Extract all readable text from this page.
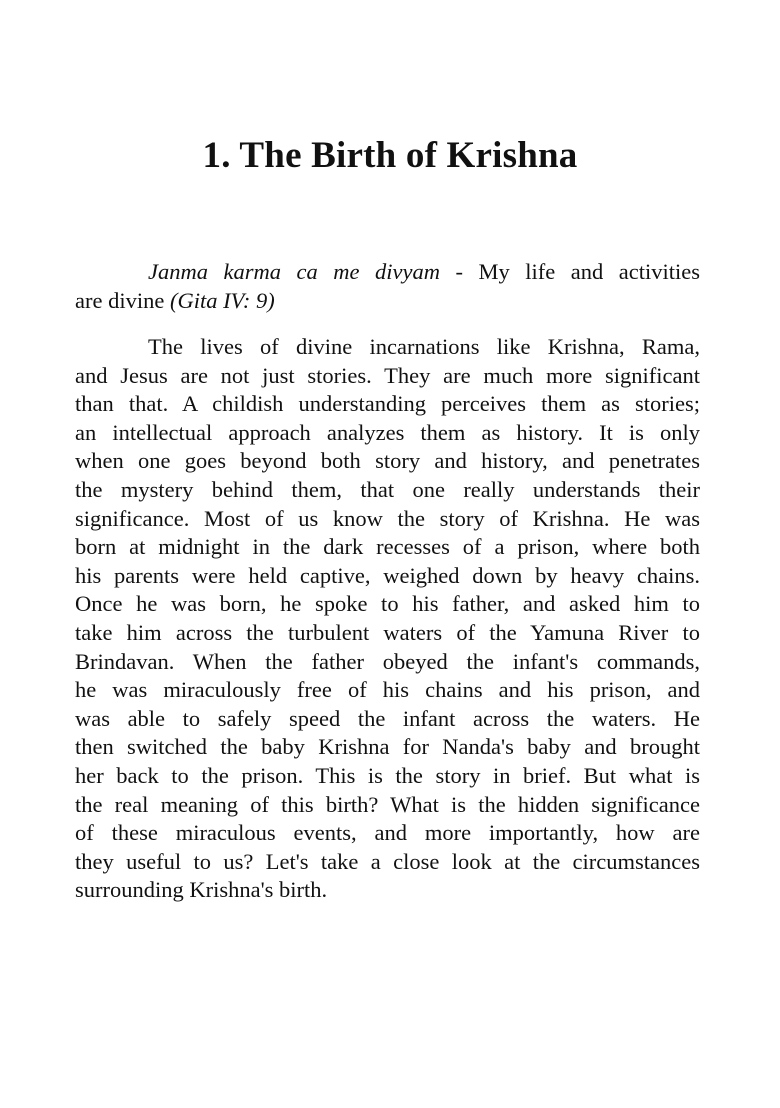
1. The Birth of Krishna
Janma karma ca me divyam - My life and activities
are divine (Gita IV: 9)
The lives of divine incarnations like Krishna, Rama,
and Jesus are not just stories. They are much more significant
than that. A childish understanding perceives them as stories;
an intellectual approach analyzes them as history. It is only
when one goes beyond both story and history, and penetrates
the mystery behind them, that one really understands their
significance. Most of us know the story of Krishna. He was
born at midnight in the dark recesses of a prison, where both
his parents were held captive, weighed down by heavy chains.
Once he was born, he spoke to his father, and asked him to
take him across the turbulent waters of the Yamuna River to
Brindavan. When the father obeyed the infant's commands,
he was miraculously free of his chains and his prison, and
was able to safely speed the infant across the waters. He
then switched the baby Krishna for Nanda's baby and brought
her back to the prison. This is the story in brief. But what is
the real meaning of this birth? What is the hidden significance
of these miraculous events, and more importantly, how are
they useful to us? Let's take a close look at the circumstances
surrounding Krishna's birth.
